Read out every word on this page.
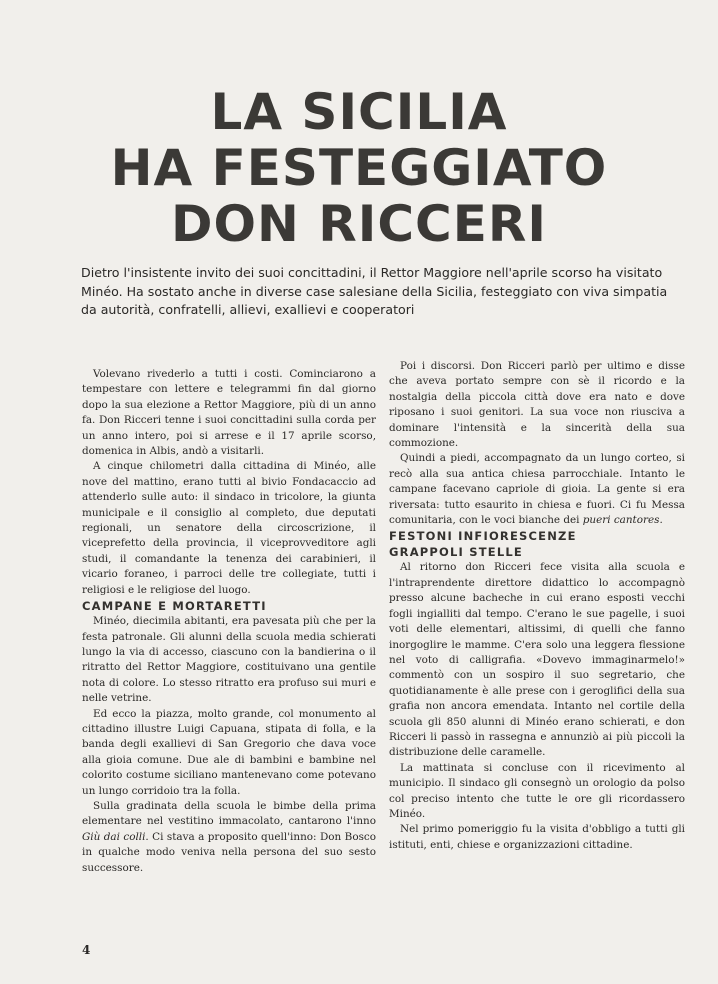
LA SICILIA
HA FESTEGGIATO
DON RICCERI
Dietro l'insistente invito dei suoi concittadini, il Rettor Maggiore nell'aprile scorso ha visitato Minéo. Ha sostato anche in diverse case salesiane della Sicilia, festeggiato con viva simpatia da autorità, confratelli, allievi, exallievi e cooperatori

Volevano rivederlo a tutti i costi. Cominciarono a tempestare con lettere e telegrammi fin dal giorno dopo la sua elezione a Rettor Maggiore, più di un anno fa. Don Ricceri tenne i suoi concittadini sulla corda per un anno intero, poi si arrese e il 17 aprile scorso, domenica in Albis, andò a visitarli.

A cinque chilometri dalla cittadina di Minéo, alle nove del mattino, erano tutti al bivio Fondacaccio ad attenderlo sulle auto: il sindaco in tricolore, la giunta municipale e il consiglio al completo, due deputati regionali, un senatore della circoscrizione, il viceprefetto della provincia, il viceprovveditore agli studi, il comandante la tenenza dei carabinieri, il vicario foraneo, i parroci delle tre collegiate, tutti i religiosi e le religiose del luogo.

CAMPANE E MORTARETTI

Minéo, diecimila abitanti, era pavesata più che per la festa patronale. Gli alunni della scuola media schierati lungo la via di accesso, ciascuno con la bandierina o il ritratto del Rettor Maggiore, costituivano una gentile nota di colore. Lo stesso ritratto era profuso sui muri e nelle vetrine.

Ed ecco la piazza, molto grande, col monumento al cittadino illustre Luigi Capuana, stipata di folla, e la banda degli exallievi di San Gregorio che dava voce alla gioia comune. Due ale di bambini e bambine nel colorito costume siciliano mantenevano come potevano un lungo corridoio tra la folla.

Sulla gradinata della scuola le bimbe della prima elementare nel vestitino immacolato, cantarono l'inno Giù dai colli. Ci stava a proposito quell'inno: Don Bosco in qualche modo veniva nella persona del suo sesto successore.

Poi i discorsi. Don Ricceri parlò per ultimo e disse che aveva portato sempre con sè il ricordo e la nostalgia della piccola città dove era nato e dove riposano i suoi genitori. La sua voce non riusciva a dominare l'intensità e la sincerità della sua commozione.

Quindi a piedi, accompagnato da un lungo corteo, si recò alla sua antica chiesa parrocchiale. Intanto le campane facevano capriole di gioia. La gente si era riversata: tutto esaurito in chiesa e fuori. Ci fu Messa comunitaria, con le voci bianche dei pueri cantores.

FESTONI INFIORESCENZE
GRAPPOLI STELLE

Al ritorno don Ricceri fece visita alla scuola e l'intraprendente direttore didattico lo accompagnò presso alcune bacheche in cui erano esposti vecchi fogli ingialliti dal tempo. C'erano le sue pagelle, i suoi voti delle elementari, altissimi, di quelli che fanno inorgoglire le mamme. C'era solo una leggera flessione nel voto di calligrafia. «Dovevo immaginarmelo!» commentò con un sospiro il suo segretario, che quotidianamente è alle prese con i geroglifici della sua grafia non ancora emendata. Intanto nel cortile della scuola gli 850 alunni di Minéo erano schierati, e don Ricceri li passò in rassegna e annunziò ai più piccoli la distribuzione delle caramelle.

La mattinata si concluse con il ricevimento al municipio. Il sindaco gli consegnò un orologio da polso col preciso intento che tutte le ore gli ricordassero Minéo.

Nel primo pomeriggio fu la visita d'obbligo a tutti gli istituti, enti, chiese e organizzazioni cittadine.

4
